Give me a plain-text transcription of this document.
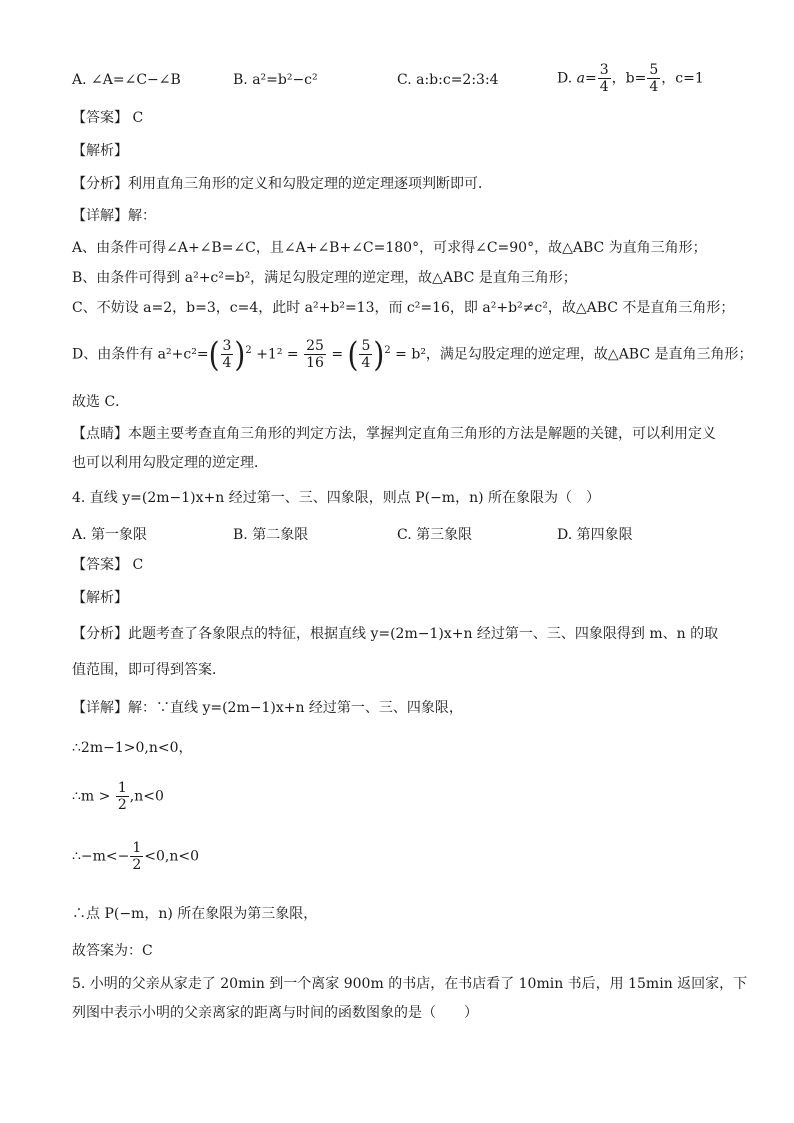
A. ∠A=∠C−∠B	B. a²=b²−c²	C. a:b:c=2:3:4	D. $a= \frac{3}{4}$ ，$b= \frac{5}{4}$ ，c=1
【答案】 C
【解析】
【分析】利用直角三角形的定义和勾股定理的逆定理逐项判断即可．
【详解】解：
A、由条件可得∠A+∠B=∠C，且∠A+∠B+∠C=180°，可求得∠C=90°，故△ABC 为直角三角形；
B、由条件可得到 a²+c²=b²，满足勾股定理的逆定理，故△ABC 是直角三角形；
C、不妨设 a=2，b=3，c=4，此时 a²+b²=13，而 c²=16，即 a²+b²≠c²，故△ABC 不是直角三角形；
D、由条件有 $a^2+c^2=( \frac{3}{4} )^2 +1^2 = \frac{25}{16}$ = ( $\frac{5}{4} )^2 = b^2$，满足勾股定理的逆定理，故△ABC 是直角三角形；
故选 C．
【点睛】本题主要考查直角三角形的判定方法，掌握判定直角三角形的方法是解题的关键，可以利用定义
也可以利用勾股定理的逆定理．
4. 直线 y=(2m−1)x+n 经过第一、三、四象限，则点 P(−m，n) 所在象限为（　）
A. 第一象限	B. 第二象限	C. 第三象限	D. 第四象限
【答案】 C
【解析】
【分析】此题考查了各象限点的特征，根据直线 y=(2m−1)x+n 经过第一、三、四象限得到 m、n 的取
值范围，即可得到答案．
【详解】解：∵直线 y=(2m−1)x+n 经过第一、三、四象限，
∴2m−1>0,n<0，
∴m > $\frac{1}{2} ,n<0$
∴−m<− $\frac{1}{2} <0,n<0$
∴点 P(−m，n) 所在象限为第三象限，
故答案为：C
5. 小明的父亲从家走了 20min 到一个离家 900m 的书店，在书店看了 10min 书后，用 15min 返回家，下
列图中表示小明的父亲离家的距离与时间的函数图象的是（　　）
